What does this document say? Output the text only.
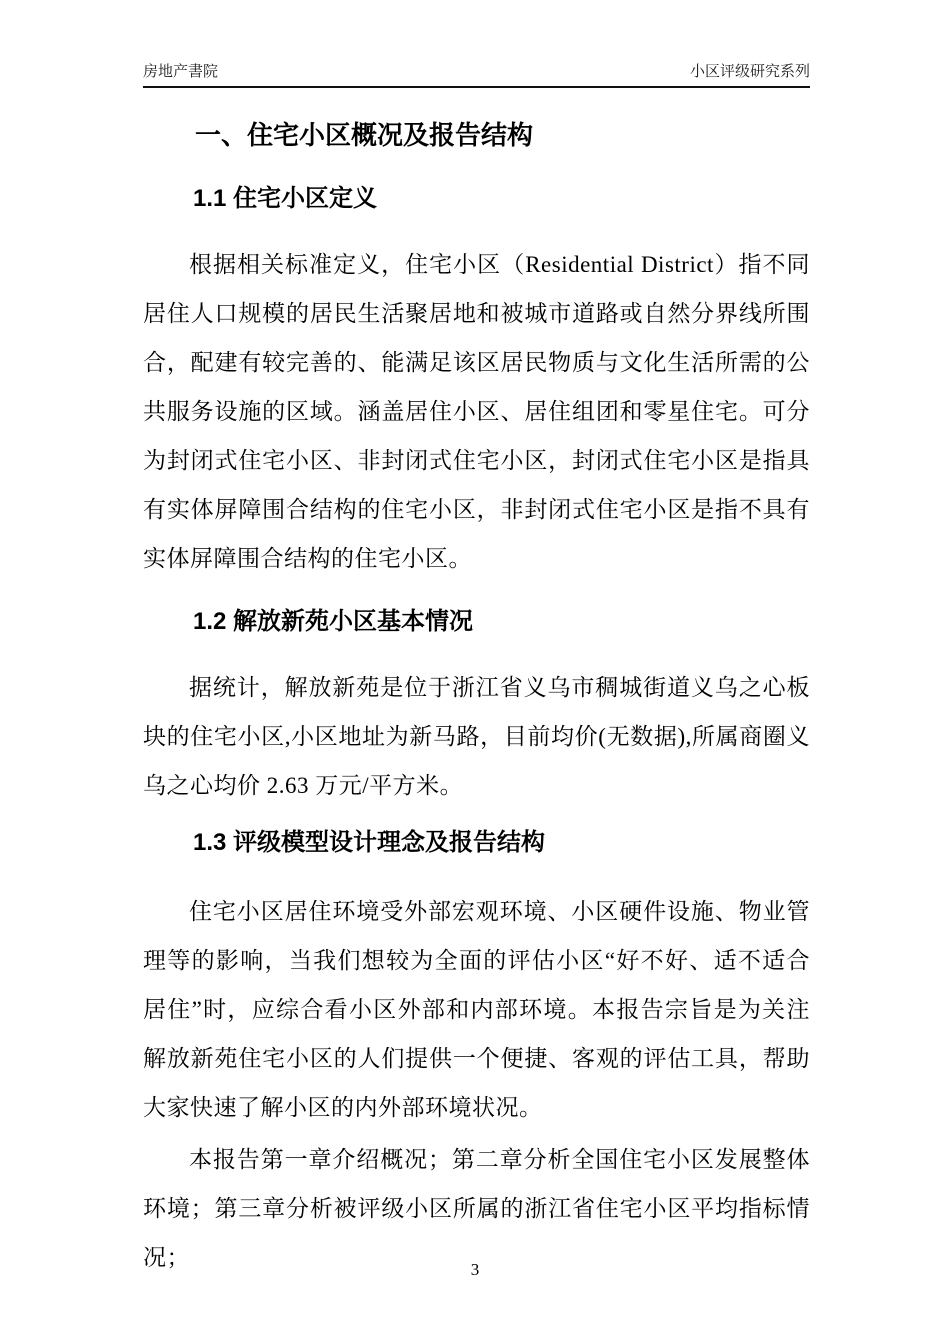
房地产書院	小区评级研究系列
一、住宅小区概况及报告结构
1.1 住宅小区定义

根据相关标准定义，住宅小区（Residential District）指不同居住人口规模的居民生活聚居地和被城市道路或自然分界线所围合，配建有较完善的、能满足该区居民物质与文化生活所需的公共服务设施的区域。涵盖居住小区、居住组团和零星住宅。可分为封闭式住宅小区、非封闭式住宅小区，封闭式住宅小区是指具有实体屏障围合结构的住宅小区，非封闭式住宅小区是指不具有实体屏障围合结构的住宅小区。

1.2 解放新苑小区基本情况

据统计，解放新苑是位于浙江省义乌市稠城街道义乌之心板块的住宅小区,小区地址为新马路，目前均价(无数据),所属商圈义乌之心均价 2.63 万元/平方米。

1.3 评级模型设计理念及报告结构

住宅小区居住环境受外部宏观环境、小区硬件设施、物业管理等的影响，当我们想较为全面的评估小区“好不好、适不适合居住”时，应综合看小区外部和内部环境。本报告宗旨是为关注解放新苑住宅小区的人们提供一个便捷、客观的评估工具，帮助大家快速了解小区的内外部环境状况。

本报告第一章介绍概况；第二章分析全国住宅小区发展整体环境；第三章分析被评级小区所属的浙江省住宅小区平均指标情况；	3
